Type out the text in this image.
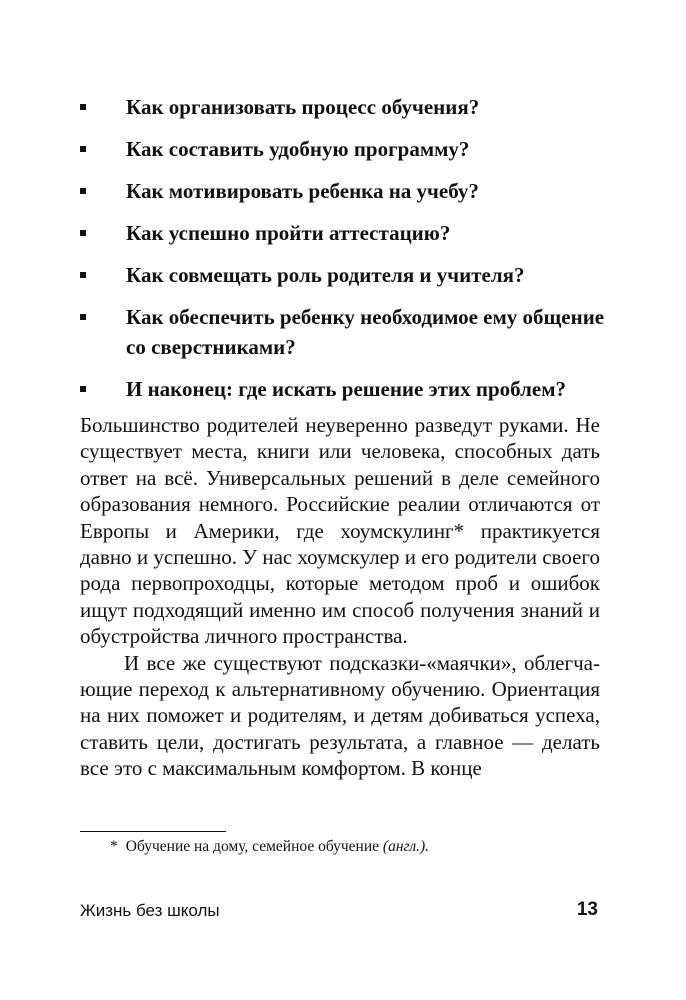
Как организовать процесс обучения?
Как составить удобную программу?
Как мотивировать ребенка на учебу?
Как успешно пройти аттестацию?
Как совмещать роль родителя и учителя?
Как обеспечить ребенку необходимое ему общение со сверстниками?
И наконец: где искать решение этих проблем?

Большинство родителей неуверенно разведут руками. Не существует места, книги или человека, способных дать ответ на всё. Универсальных решений в деле семейного образования немного. Российские реалии отличаются от Европы и Америки, где хоумскулинг* практикуется давно и успешно. У нас хоумскулер и его родители своего рода первопроходцы, которые методом проб и ошибок ищут подходящий именно им способ получения знаний и обустройства личного пространства.

И все же существуют подсказки-«маячки», облегчающие переход к альтернативному обучению. Ориентация на них поможет и родителям, и детям добиваться успеха, ставить цели, достигать результата, а главное — делать все это с максимальным комфортом. В конце

* Обучение на дому, семейное обучение (англ.).
Жизнь без школы	13
